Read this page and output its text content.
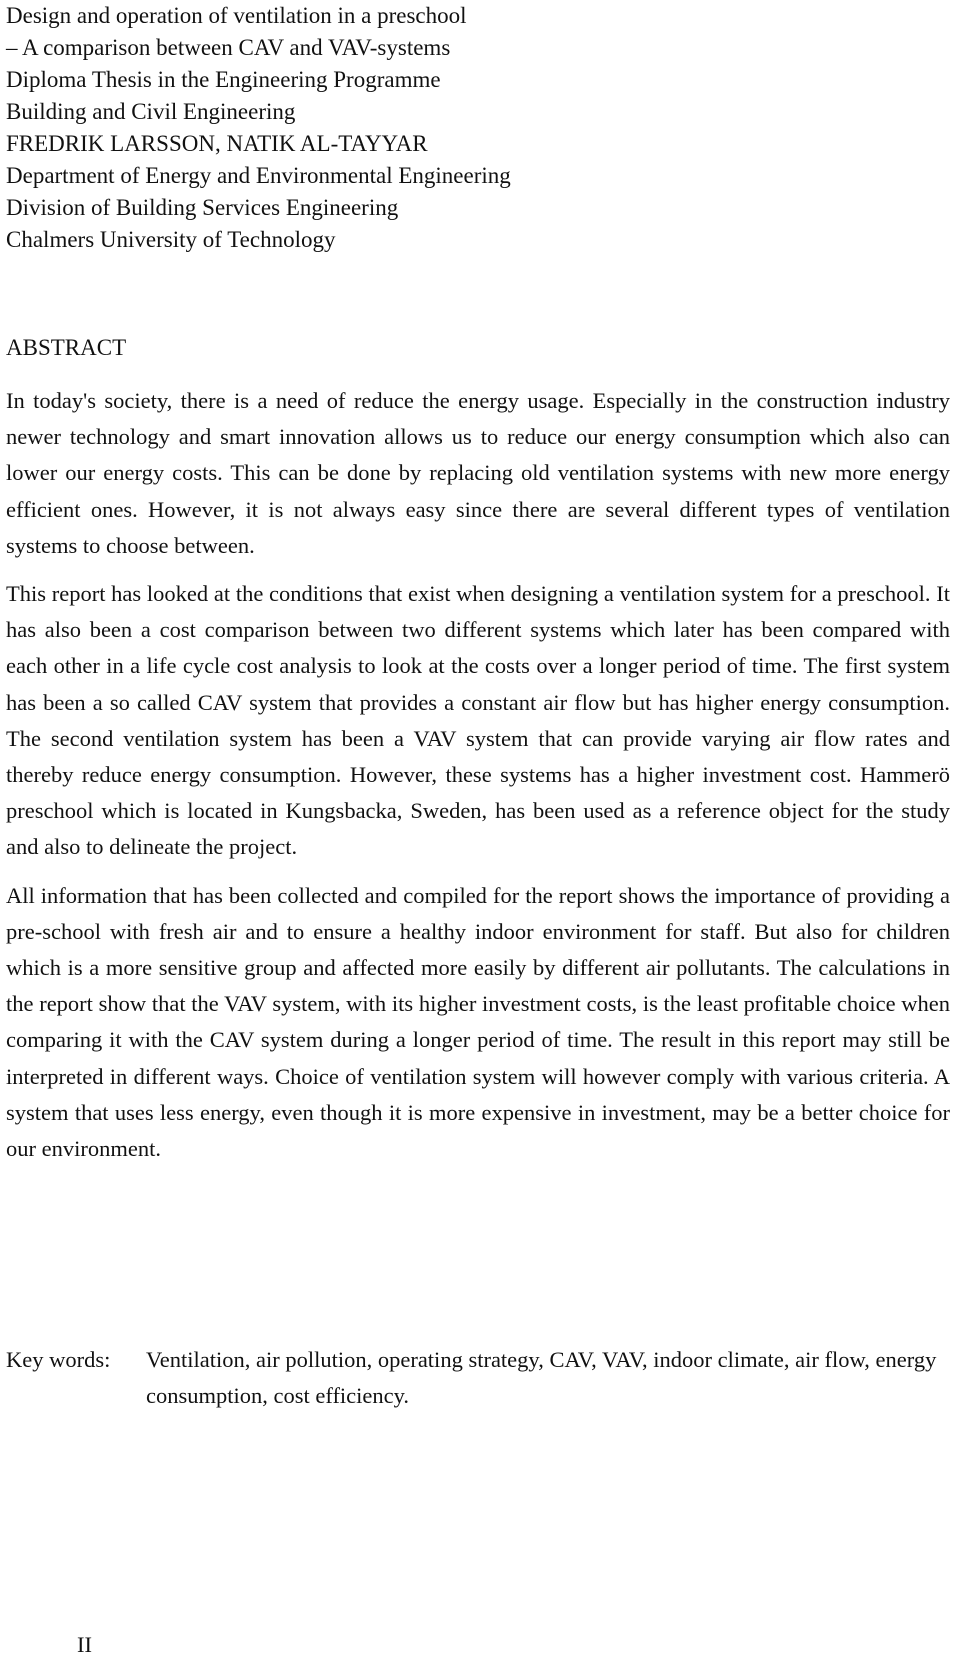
Design and operation of ventilation in a preschool
– A comparison between CAV and VAV-systems
Diploma Thesis in the Engineering Programme
Building and Civil Engineering
FREDRIK LARSSON, NATIK AL-TAYYAR
Department of Energy and Environmental Engineering
Division of Building Services Engineering
Chalmers University of Technology
ABSTRACT

In today's society, there is a need of reduce the energy usage. Especially in the construction industry newer technology and smart innovation allows us to reduce our energy consumption which also can lower our energy costs. This can be done by replacing old ventilation systems with new more energy efficient ones. However, it is not always easy since there are several different types of ventilation systems to choose between.

This report has looked at the conditions that exist when designing a ventilation system for a preschool. It has also been a cost comparison between two different systems which later has been compared with each other in a life cycle cost analysis to look at the costs over a longer period of time. The first system has been a so called CAV system that provides a constant air flow but has higher energy consumption. The second ventilation system has been a VAV system that can provide varying air flow rates and thereby reduce energy consumption. However, these systems has a higher investment cost. Hammerö preschool which is located in Kungsbacka, Sweden, has been used as a reference object for the study and also to delineate the project.

All information that has been collected and compiled for the report shows the importance of providing a pre-school with fresh air and to ensure a healthy indoor environment for staff. But also for children which is a more sensitive group and affected more easily by different air pollutants. The calculations in the report show that the VAV system, with its higher investment costs, is the least profitable choice when comparing it with the CAV system during a longer period of time. The result in this report may still be interpreted in different ways. Choice of ventilation system will however comply with various criteria. A system that uses less energy, even though it is more expensive in investment, may be a better choice for our environment.

Key words:	Ventilation, air pollution, operating strategy, CAV, VAV, indoor climate, air flow, energy consumption, cost efficiency.
II
